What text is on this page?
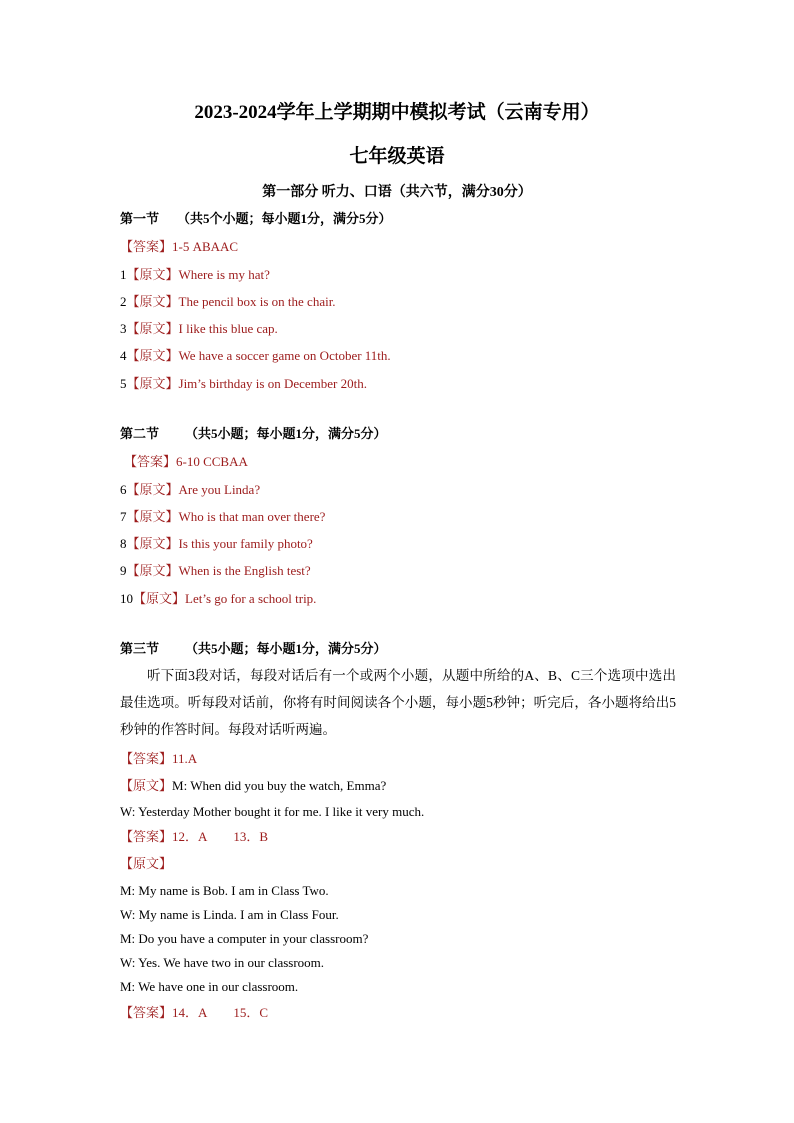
2023-2024学年上学期期中模拟考试（云南专用）
七年级英语
第一部分 听力、口语（共六节，满分30分）
第一节 （共5个小题；每小题1分，满分5分）
【答案】1-5 ABAAC
1【原文】Where is my hat?
2【原文】The pencil box is on the chair.
3【原文】I like this blue cap.
4【原文】We have a soccer game on October 11th.
5【原文】Jim’s birthday is on December 20th.
第二节 （共5小题；每小题1分，满分5分）
【答案】6-10 CCBAA
6【原文】Are you Linda?
7【原文】Who is that man over there?
8【原文】Is this your family photo?
9【原文】When is the English test?
10【原文】Let’s go for a school trip.
第三节 （共5小题；每小题1分，满分5分）

听下面3段对话，每段对话后有一个或两个小题，从题中所给的A、B、C三个选项中选出最佳选项。听每段对话前，你将有时间阅读各个小题，每小题5秒钟；听完后，各小题将给出5秒钟的作答时间。每段对话听两遍。

【答案】11.A
【原文】M: When did you buy the watch, Emma?
W: Yesterday Mother bought it for me. I like it very much.
【答案】12．A 13．B
【原文】
M: My name is Bob. I am in Class Two.
W: My name is Linda. I am in Class Four.
M: Do you have a computer in your classroom?
W: Yes. We have two in our classroom.
M: We have one in our classroom.
【答案】14．A 15．C
